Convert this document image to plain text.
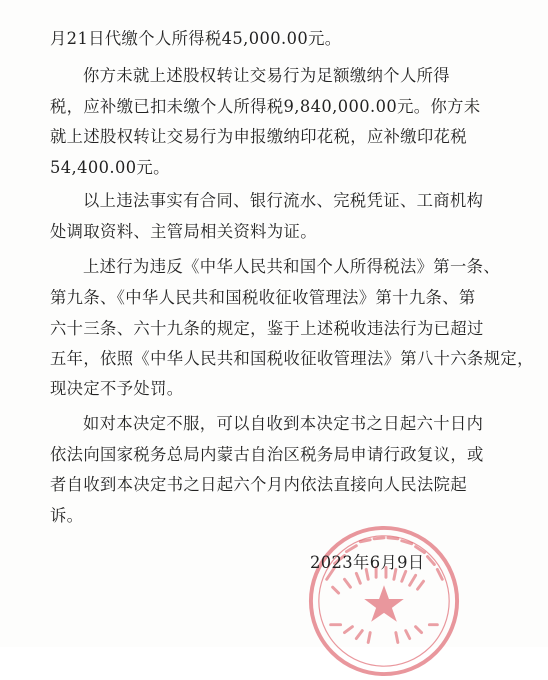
月21日代缴个人所得税45,000.00元。
你方未就上述股权转让交易行为足额缴纳个人所得
税，应补缴已扣未缴个人所得税9,840,000.00元。你方未
就上述股权转让交易行为申报缴纳印花税，应补缴印花税
54,400.00元。
以上违法事实有合同、银行流水、完税凭证、工商机构
处调取资料、主管局相关资料为证。
上述行为违反《中华人民共和国个人所得税法》第一条、
第九条、《中华人民共和国税收征收管理法》第十九条、第
六十三条、六十九条的规定，鉴于上述税收违法行为已超过
五年，依照《中华人民共和国税收征收管理法》第八十六条规定，
现决定不予处罚。
如对本决定不服，可以自收到本决定书之日起六十日内
依法向国家税务总局内蒙古自治区税务局申请行政复议，或
者自收到本决定书之日起六个月内依法直接向人民法院起
诉。
2023年6月9日
